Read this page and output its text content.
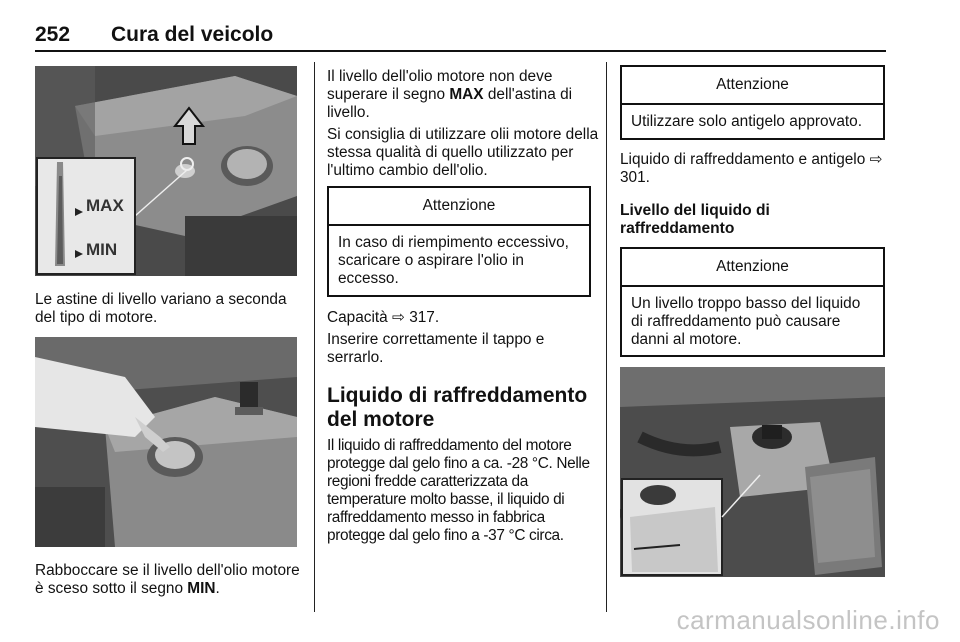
252 Cura del veicolo
MAX
MIN

Le astine di livello variano a seconda del tipo di motore.

Rabboccare se il livello dell'olio motore è sceso sotto il segno MIN.

Il livello dell'olio motore non deve superare il segno MAX dell'astina di livello.

Si consiglia di utilizzare olii motore della stessa qualità di quello utilizzato per l'ultimo cambio dell'olio.

Attenzione
In caso di riempimento eccessivo, scaricare o aspirare l'olio in eccesso.

Capacità ⇨ 317.

Inserire correttamente il tappo e serrarlo.

Liquido di raffreddamento del motore

Il liquido di raffreddamento del motore protegge dal gelo fino a ca. -28 °C. Nelle regioni fredde caratterizzata da temperature molto basse, il liquido di raffreddamento messo in fabbrica protegge dal gelo fino a -37 °C circa.

Attenzione
Utilizzare solo antigelo approvato.

Liquido di raffreddamento e antigelo ⇨ 301.

Livello del liquido di raffreddamento
Attenzione
Un livello troppo basso del liquido di raffreddamento può causare danni al motore.
carmanualsonline.info
